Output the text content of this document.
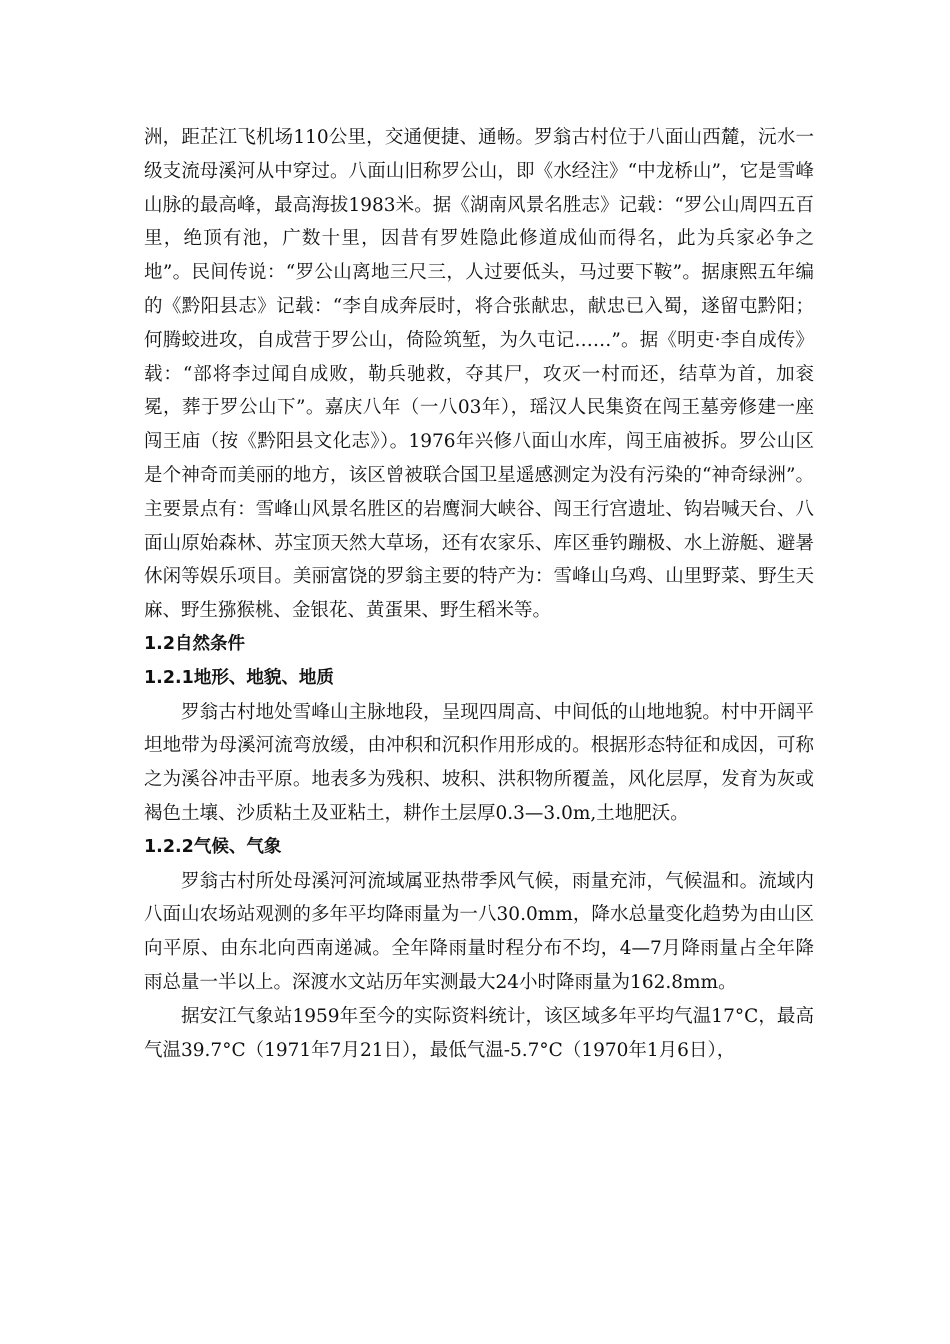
洲，距芷江飞机场110公里，交通便捷、通畅。罗翁古村位于八面山西麓，沅水一级支流母溪河从中穿过。八面山旧称罗公山，即《水经注》“中龙桥山”，它是雪峰山脉的最高峰，最高海拔1983米。据《湖南风景名胜志》记载：“罗公山周四五百里，绝顶有池，广数十里，因昔有罗姓隐此修道成仙而得名，此为兵家必争之地”。民间传说：“罗公山离地三尺三，人过要低头，马过要下鞍”。据康熙五年编的《黔阳县志》记载：“李自成奔辰时，将合张献忠，献忠已入蜀，遂留屯黔阳；何腾蛟进攻，自成营于罗公山，倚险筑堑，为久屯记……”。据《明吏·李自成传》载：“部将李过闻自成败，勒兵驰救，夺其尸，攻灭一村而还，结草为首，加衮冕，葬于罗公山下”。嘉庆八年（一八03年），瑶汉人民集资在闯王墓旁修建一座闯王庙（按《黔阳县文化志》）。1976年兴修八面山水库，闯王庙被拆。罗公山区是个神奇而美丽的地方，该区曾被联合国卫星遥感测定为没有污染的“神奇绿洲”。主要景点有：雪峰山风景名胜区的岩鹰洞大峡谷、闯王行宫遗址、钩岩喊天台、八面山原始森林、苏宝顶天然大草场，还有农家乐、库区垂钓蹦极、水上游艇、避暑休闲等娱乐项目。美丽富饶的罗翁主要的特产为：雪峰山乌鸡、山里野菜、野生天麻、野生猕猴桃、金银花、黄蛋果、野生稻米等。

1.2自然条件

1.2.1地形、地貌、地质

罗翁古村地处雪峰山主脉地段，呈现四周高、中间低的山地地貌。村中开阔平坦地带为母溪河流弯放缓，由冲积和沉积作用形成的。根据形态特征和成因，可称之为溪谷冲击平原。地表多为残积、坡积、洪积物所覆盖，风化层厚，发育为灰或褐色土壤、沙质粘土及亚粘土，耕作土层厚0.3—3.0m,土地肥沃。

1.2.2气候、气象

罗翁古村所处母溪河河流域属亚热带季风气候，雨量充沛，气候温和。流域内八面山农场站观测的多年平均降雨量为一八30.0mm，降水总量变化趋势为由山区向平原、由东北向西南递减。全年降雨量时程分布不均，4—7月降雨量占全年降雨总量一半以上。深渡水文站历年实测最大24小时降雨量为162.8mm。

据安江气象站1959年至今的实际资料统计，该区域多年平均气温17°C，最高气温39.7°C（1971年7月21日），最低气温-5.7°C（1970年1月6日），
